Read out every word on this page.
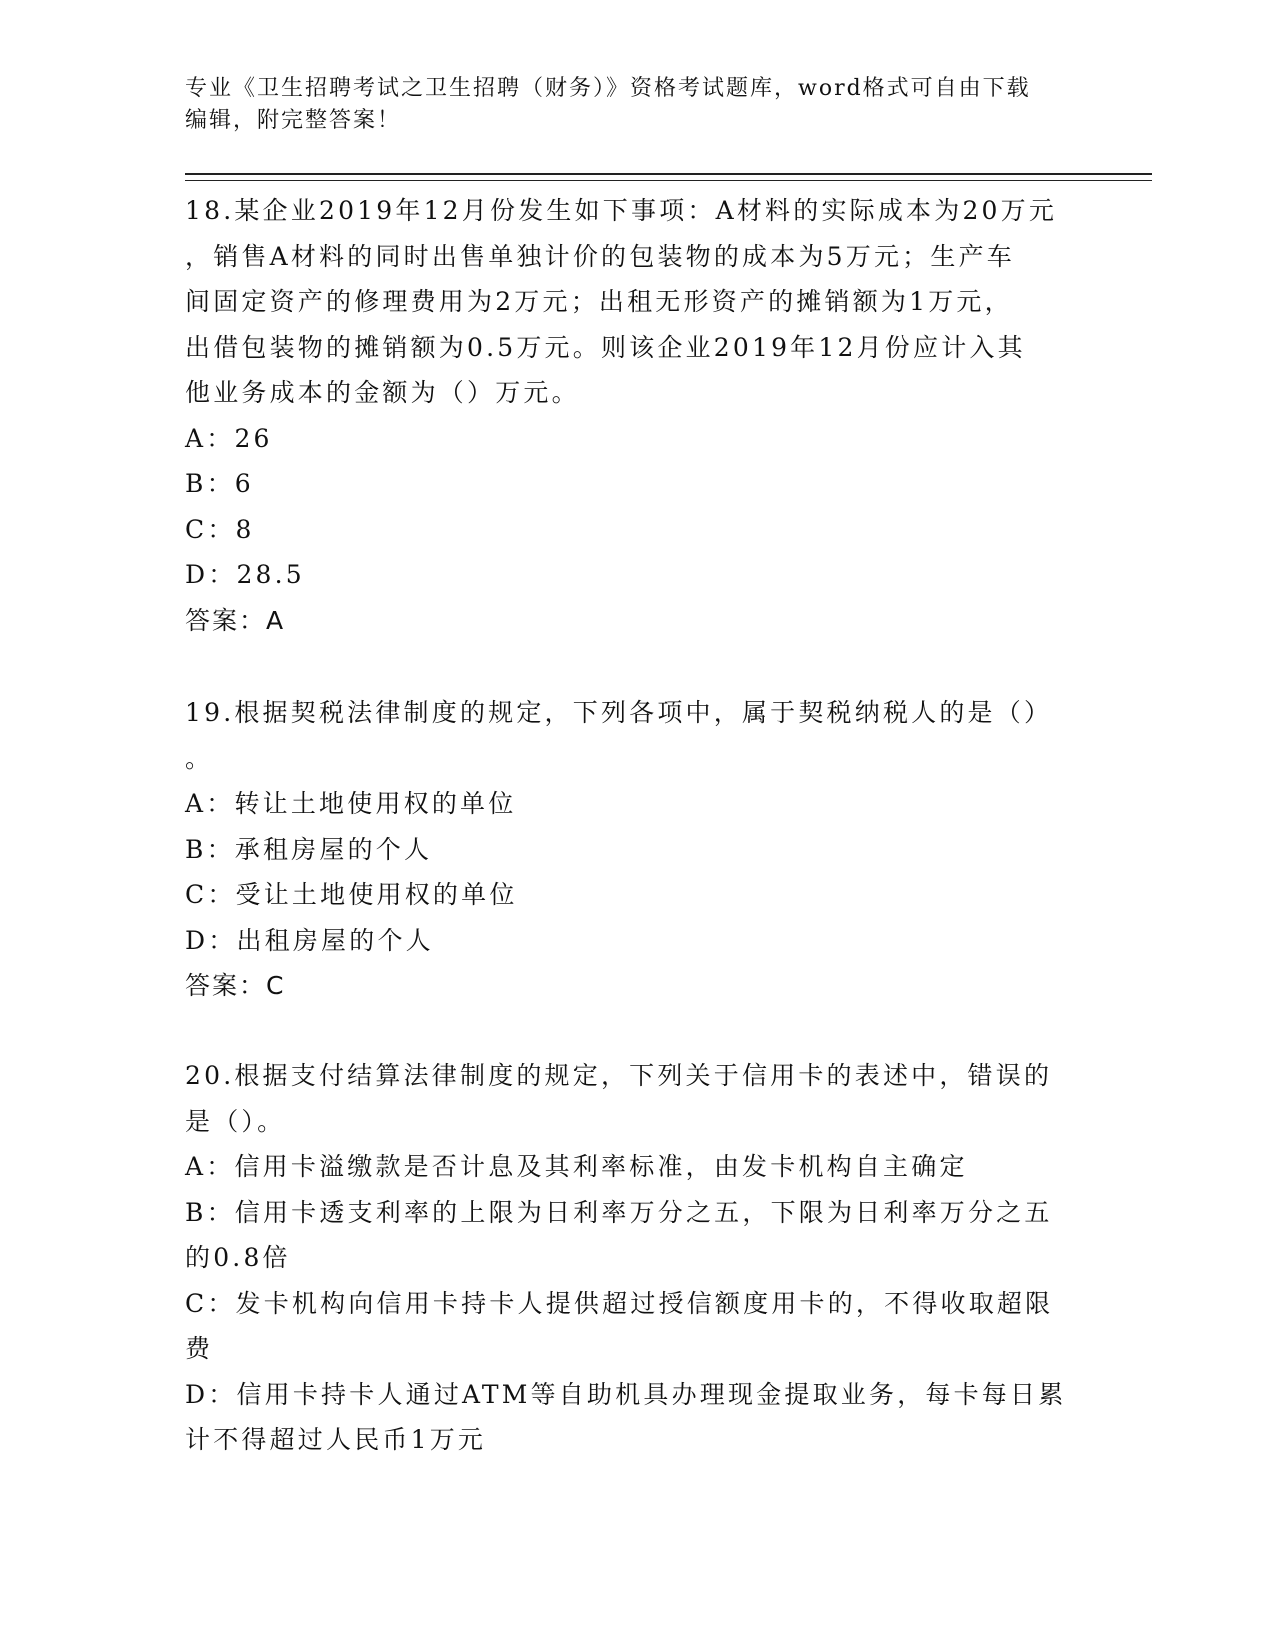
专业《卫生招聘考试之卫生招聘（财务）》资格考试题库，word格式可自由下载
编辑，附完整答案！
18.某企业2019年12月份发生如下事项：A材料的实际成本为20万元
，销售A材料的同时出售单独计价的包装物的成本为5万元；生产车
间固定资产的修理费用为2万元；出租无形资产的摊销额为1万元，
出借包装物的摊销额为0.5万元。则该企业2019年12月份应计入其
他业务成本的金额为（）万元。
A：26
B：6
C：8
D：28.5
答案：A
19.根据契税法律制度的规定，下列各项中，属于契税纳税人的是（）
。
A：转让土地使用权的单位
B：承租房屋的个人
C：受让土地使用权的单位
D：出租房屋的个人
答案：C
20.根据支付结算法律制度的规定，下列关于信用卡的表述中，错误的
是（）。
A：信用卡溢缴款是否计息及其利率标准，由发卡机构自主确定
B：信用卡透支利率的上限为日利率万分之五，下限为日利率万分之五
的0.8倍
C：发卡机构向信用卡持卡人提供超过授信额度用卡的，不得收取超限
费
D：信用卡持卡人通过ATM等自助机具办理现金提取业务，每卡每日累
计不得超过人民币1万元
